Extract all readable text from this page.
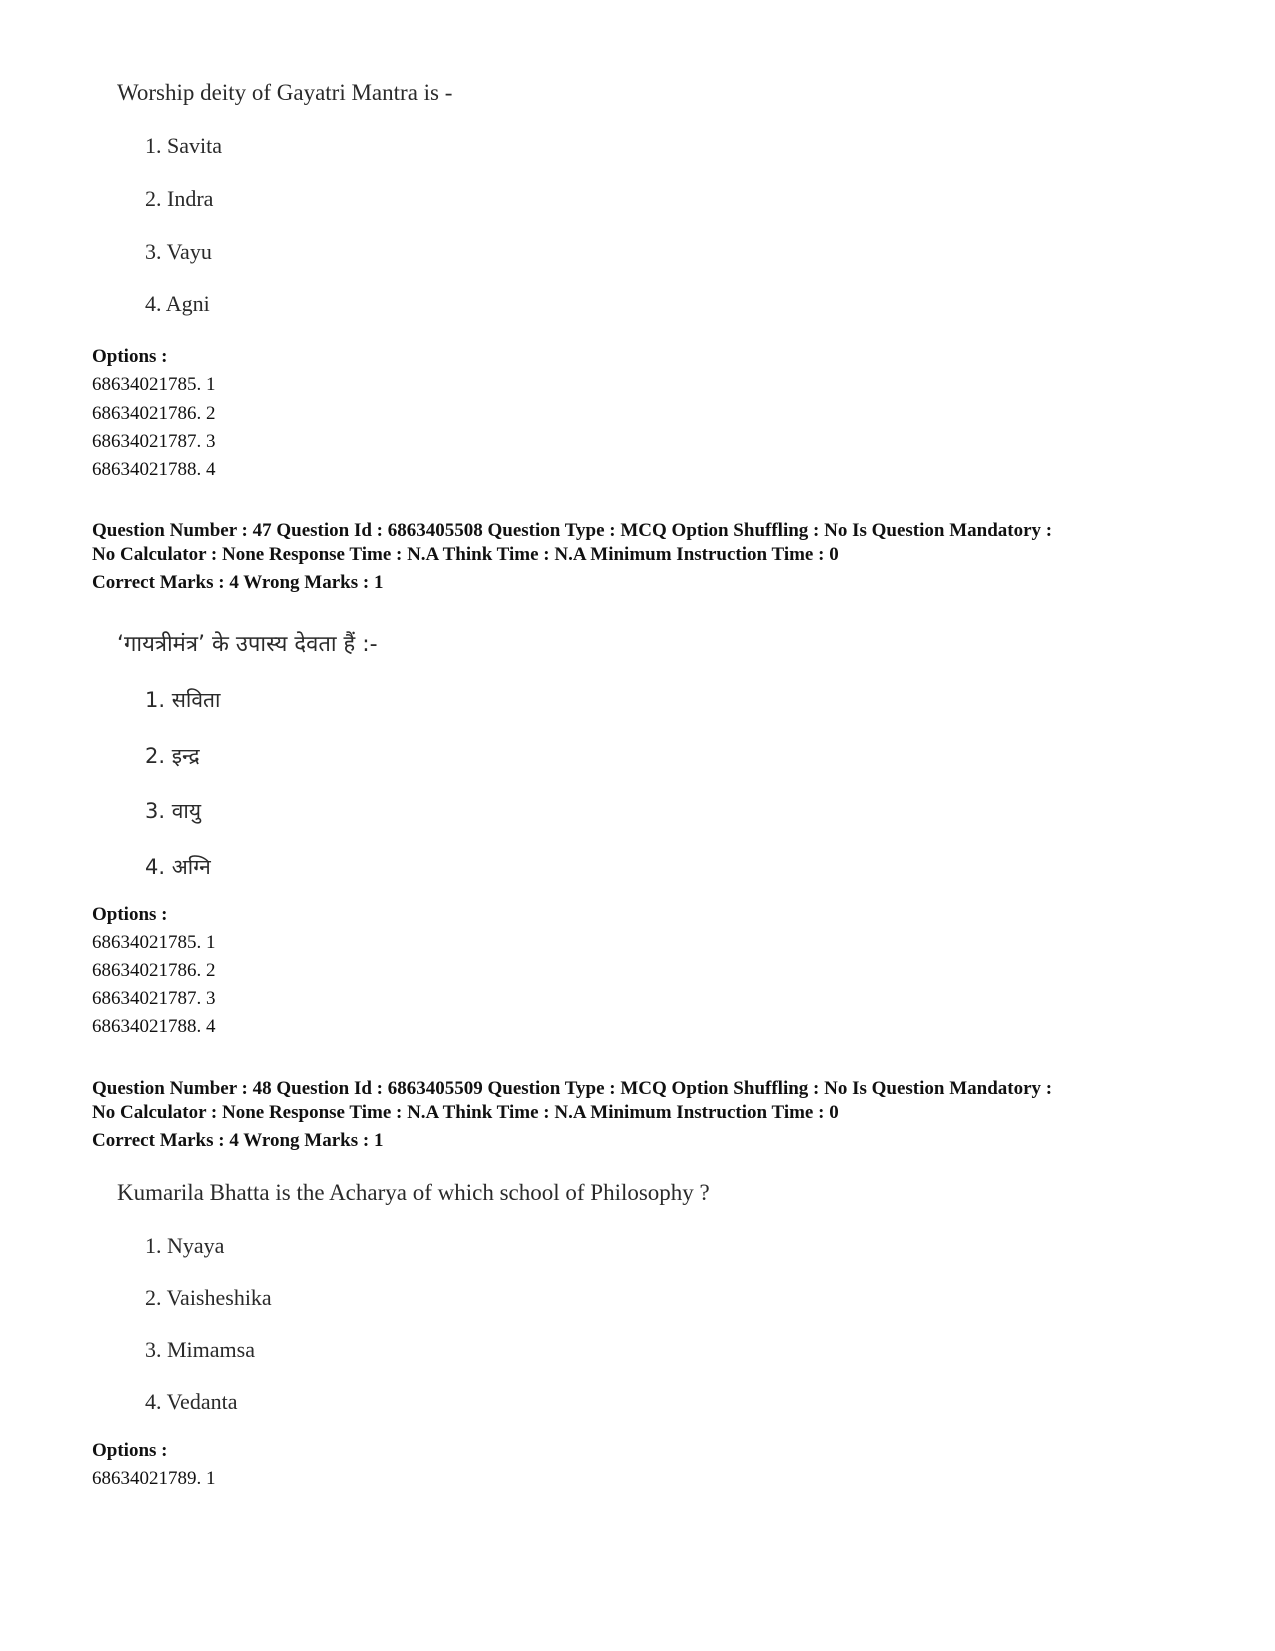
Worship deity of Gayatri Mantra is -
1. Savita
2. Indra
3. Vayu
4. Agni
Options :
68634021785. 1
68634021786. 2
68634021787. 3
68634021788. 4
Question Number : 47 Question Id : 6863405508 Question Type : MCQ Option Shuffling : No Is Question Mandatory :
No Calculator : None Response Time : N.A Think Time : N.A Minimum Instruction Time : 0
Correct Marks : 4 Wrong Marks : 1
‘गायत्रीमंत्र’ के उपास्य देवता हैं :-
1. सविता
2. इन्द्र
3. वायु
4. अग्नि
Options :
68634021785. 1
68634021786. 2
68634021787. 3
68634021788. 4
Question Number : 48 Question Id : 6863405509 Question Type : MCQ Option Shuffling : No Is Question Mandatory :
No Calculator : None Response Time : N.A Think Time : N.A Minimum Instruction Time : 0
Correct Marks : 4 Wrong Marks : 1
Kumarila Bhatta is the Acharya of which school of Philosophy ?
1. Nyaya
2. Vaisheshika
3. Mimamsa
4. Vedanta
Options :
68634021789. 1
